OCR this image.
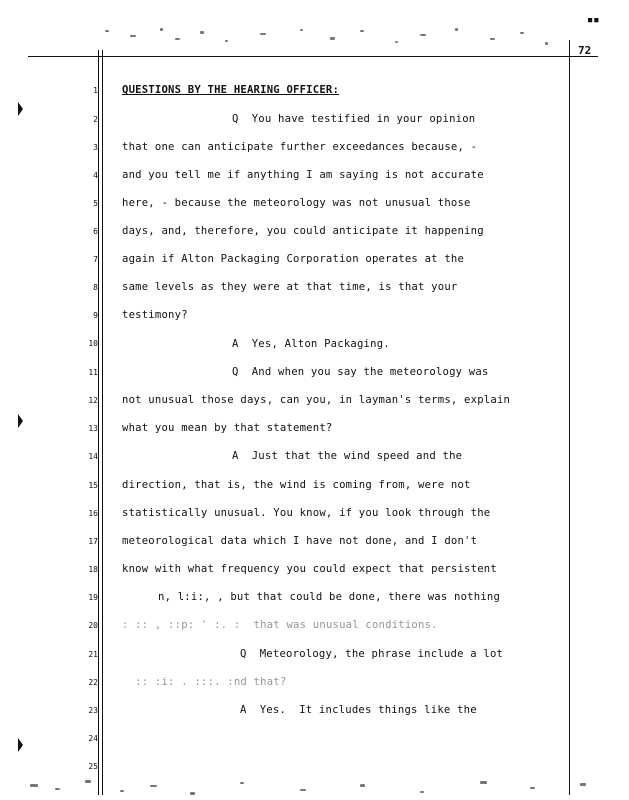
■■
72
1
2
3
4
5
6
7
8
9
10
11
12
13
14
15
16
17
18
19
20
21
22
23
24
25
QUESTIONS BY THE HEARING OFFICER:
Q  You have testified in your opinion
that one can anticipate further exceedances because, -
and you tell me if anything I am saying is not accurate
here, - because the meteorology was not unusual those
days, and, therefore, you could anticipate it happening
again if Alton Packaging Corporation operates at the
same levels as they were at that time, is that your
testimony?
A  Yes, Alton Packaging.
Q  And when you say the meteorology was
not unusual those days, can you, in layman's terms, explain
what you mean by that statement?
A  Just that the wind speed and the
direction, that is, the wind is coming from, were not
statistically unusual. You know, if you look through the
meteorological data which I have not done, and I don't
know with what frequency you could expect that persistent
n, l:i:, , but that could be done, there was nothing
: :: , ::p: ' :. :  that was unusual conditions.
Q  Meteorology, the phrase include a lot
:: :i: . :::. :nd that?
A  Yes.  It includes things like the
